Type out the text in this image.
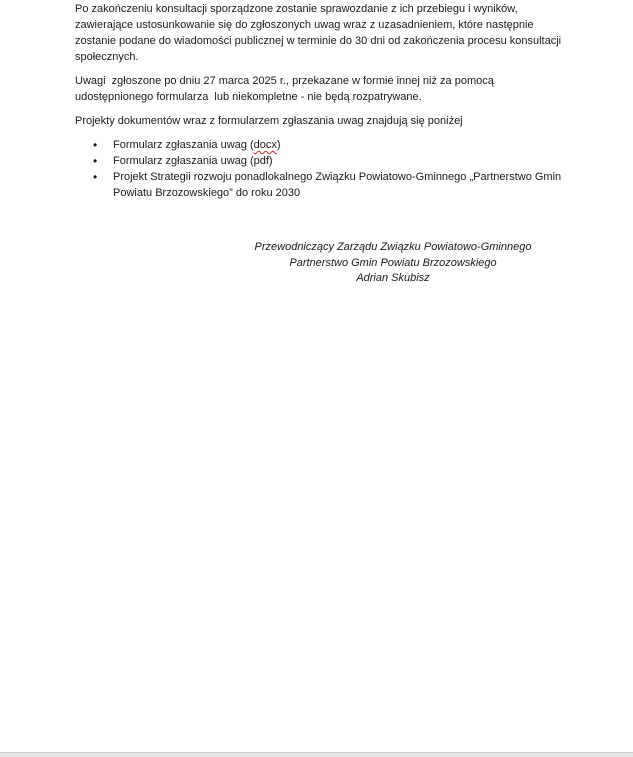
Po zakończeniu konsultacji sporządzone zostanie sprawozdanie z ich przebiegu i wyników, zawierające ustosunkowanie się do zgłoszonych uwag wraz z uzasadnieniem, które następnie zostanie podane do wiadomości publicznej w terminie do 30 dni od zakończenia procesu konsultacji społecznych.

Uwagi  zgłoszone po dniu 27 marca 2025 r., przekazane w formie innej niż za pomocą udostępnionego formularza  lub niekompletne - nie będą rozpatrywane.

Projekty dokumentów wraz z formularzem zgłaszania uwag znajdują się poniżej

• Formularz zgłaszania uwag (docx)
• Formularz zgłaszania uwag (pdf)
• Projekt Strategii rozwoju ponadlokalnego Związku Powiatowo-Gminnego „Partnerstwo Gmin Powiatu Brzozowskiego” do roku 2030
Przewodniczący Zarządu Związku Powiatowo-Gminnego
Partnerstwo Gmin Powiatu Brzozowskiego
Adrian Skubisz
